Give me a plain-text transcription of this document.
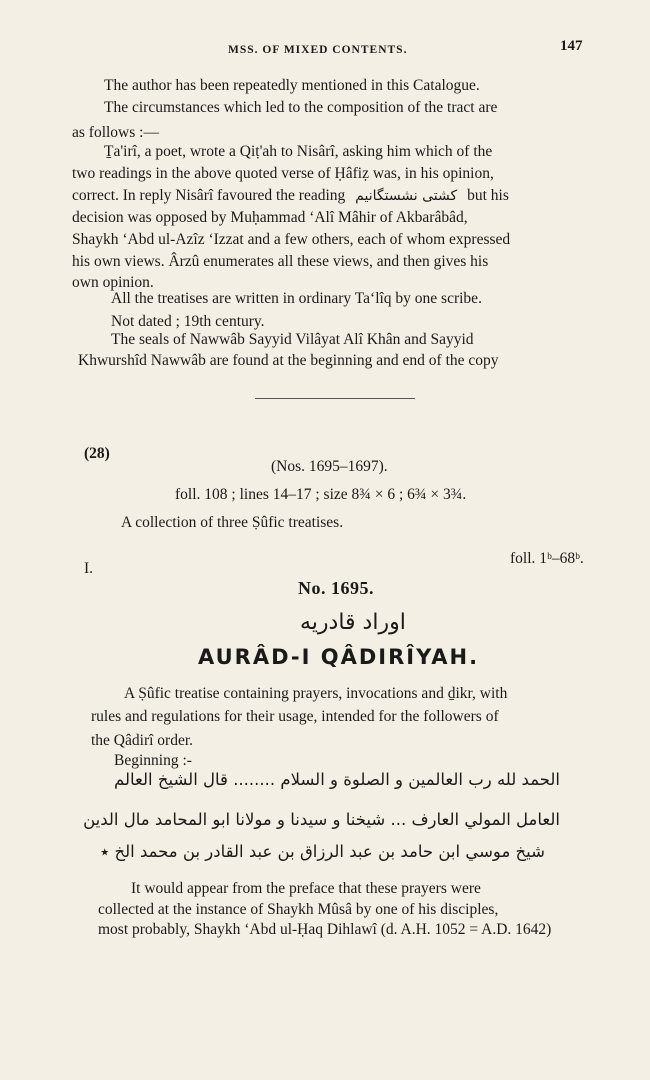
MSS. OF MIXED CONTENTS.	147
The author has been repeatedly mentioned in this Catalogue.
The circumstances which led to the composition of the tract are
as follows :—
Ṯa'irî, a poet, wrote a Qiṭ'ah to Nisârî, asking him which of the
two readings in the above quoted verse of Ḥâfiẓ was, in his opinion,
correct. In reply Nisârî favoured the reading کشتی نشستگانیم but his
decision was opposed by Muḥammad ‘Alî Mâhir of Akbarâbâd,
Shaykh ‘Abd ul-Azîz ‘Izzat and a few others, each of whom expressed
his own views. Ârzû enumerates all these views, and then gives his
own opinion.
All the treatises are written in ordinary Ta‘lîq by one scribe.
Not dated ; 19th century.
The seals of Nawwâb Sayyid Vilâyat Alî Khân and Sayyid
Khwurshîd Nawwâb are found at the beginning and end of the copy
(28)
(Nos. 1695–1697).
foll. 108 ; lines 14–17 ; size 8¾ × 6 ; 6¾ × 3¾.
A collection of three Ṣûfic treatises.
I.
foll. 1ᵇ–68ᵇ.
No. 1695.
اوراد قادریه
AURÂD-I QÂDIRÎYAH.
A Ṣûfic treatise containing prayers, invocations and ḏikr, with
rules and regulations for their usage, intended for the followers of
the Qâdirî order.
Beginning :-
الحمد لله رب العالمین و الصلوة و السلام ........ قال الشیخ العالم
العامل المولي العارف ... شیخنا و سیدنا و مولانا ابو المحامد مال الدین
شیخ موسي ابن حامد بن عبد الرزاق بن عبد القادر بن محمد الخ ٭
It would appear from the preface that these prayers were
collected at the instance of Shaykh Mûsâ by one of his disciples,
most probably, Shaykh ‘Abd ul-Ḥaq Dihlawî (d. A.H. 1052 = A.D. 1642)
